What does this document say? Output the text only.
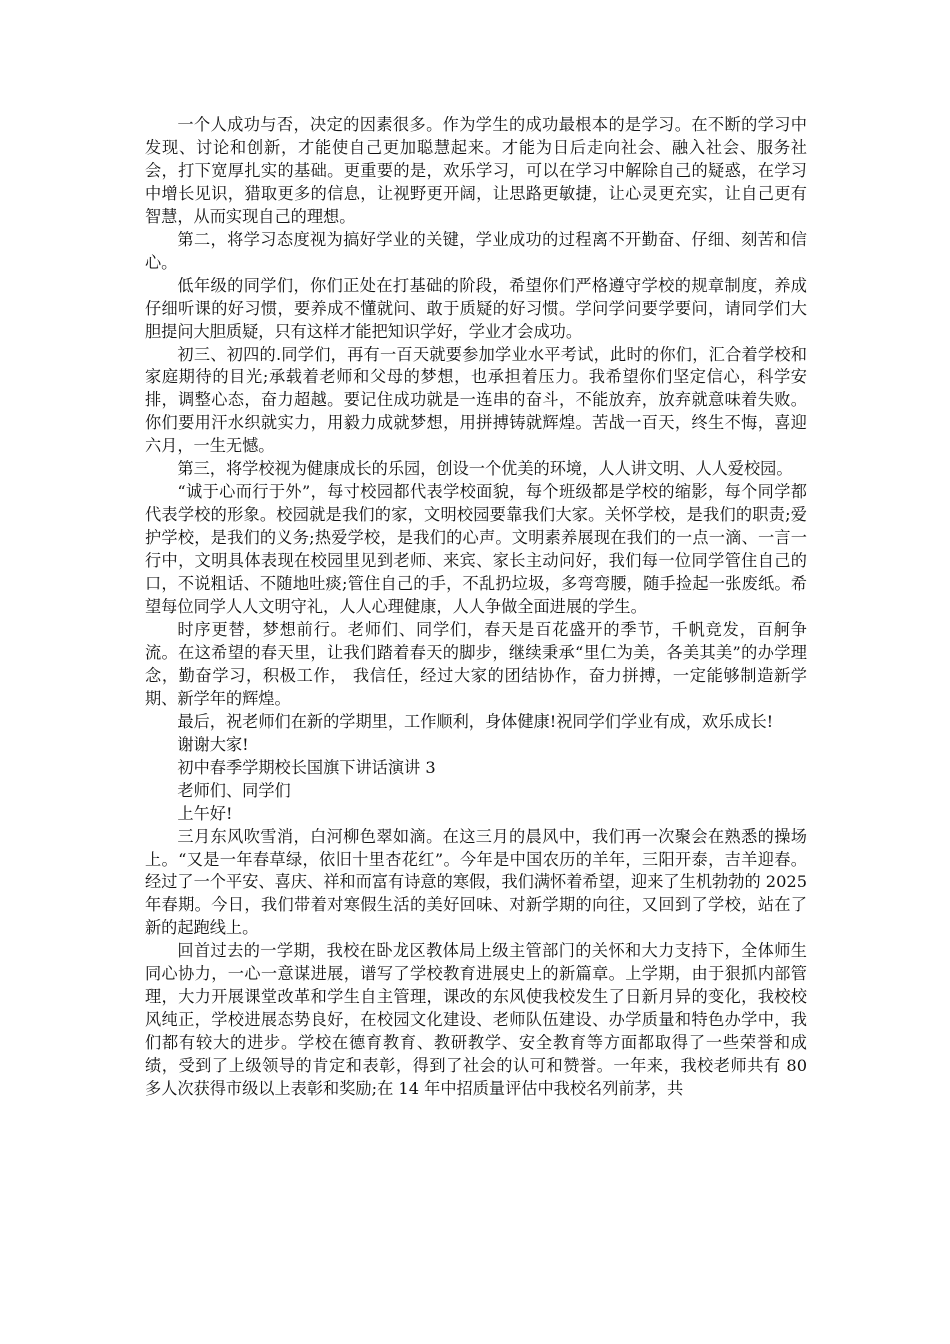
一个人成功与否，决定的因素很多。作为学生的成功最根本的是学习。在不断的学习中发现、讨论和创新，才能使自己更加聪慧起来。才能为日后走向社会、融入社会、服务社会，打下宽厚扎实的基础。更重要的是，欢乐学习，可以在学习中解除自己的疑惑，在学习中增长见识，猎取更多的信息，让视野更开阔，让思路更敏捷，让心灵更充实，让自己更有智慧，从而实现自己的理想。

第二，将学习态度视为搞好学业的关键，学业成功的过程离不开勤奋、仔细、刻苦和信心。

低年级的同学们，你们正处在打基础的阶段，希望你们严格遵守学校的规章制度，养成仔细听课的好习惯，要养成不懂就问、敢于质疑的好习惯。学问学问要学要问，请同学们大胆提问大胆质疑，只有这样才能把知识学好，学业才会成功。

初三、初四的.同学们，再有一百天就要参加学业水平考试，此时的你们，汇合着学校和家庭期待的目光;承载着老师和父母的梦想，也承担着压力。我希望你们坚定信心，科学安排，调整心态，奋力超越。要记住成功就是一连串的奋斗，不能放弃，放弃就意味着失败。你们要用汗水织就实力，用毅力成就梦想，用拼搏铸就辉煌。苦战一百天，终生不悔，喜迎六月，一生无憾。

第三，将学校视为健康成长的乐园，创设一个优美的环境，人人讲文明、人人爱校园。

“诚于心而行于外”，每寸校园都代表学校面貌，每个班级都是学校的缩影，每个同学都代表学校的形象。校园就是我们的家，文明校园要靠我们大家。关怀学校，是我们的职责;爱护学校，是我们的义务;热爱学校，是我们的心声。文明素养展现在我们的一点一滴、一言一行中，文明具体表现在校园里见到老师、来宾、家长主动问好，我们每一位同学管住自己的口，不说粗话、不随地吐痰;管住自己的手，不乱扔垃圾，多弯弯腰，随手捡起一张废纸。希望每位同学人人文明守礼，人人心理健康，人人争做全面进展的学生。

时序更替，梦想前行。老师们、同学们，春天是百花盛开的季节，千帆竞发，百舸争流。在这希望的春天里，让我们踏着春天的脚步，继续秉承“里仁为美，各美其美”的办学理念，勤奋学习，积极工作， 我信任，经过大家的团结协作，奋力拼搏，一定能够制造新学期、新学年的辉煌。

最后，祝老师们在新的学期里，工作顺利，身体健康!祝同学们学业有成，欢乐成长!

谢谢大家!

初中春季学期校长国旗下讲话演讲 3

老师们、同学们

上午好!

三月东风吹雪消，白河柳色翠如滴。在这三月的晨风中，我们再一次聚会在熟悉的操场上。“又是一年春草绿，依旧十里杏花红”。今年是中国农历的羊年，三阳开泰，吉羊迎春。经过了一个平安、喜庆、祥和而富有诗意的寒假，我们满怀着希望，迎来了生机勃勃的 2025 年春期。今日，我们带着对寒假生活的美好回味、对新学期的向往，又回到了学校，站在了新的起跑线上。

回首过去的一学期，我校在卧龙区教体局上级主管部门的关怀和大力支持下，全体师生同心协力，一心一意谋进展，谱写了学校教育进展史上的新篇章。上学期，由于狠抓内部管理，大力开展课堂改革和学生自主管理，课改的东风使我校发生了日新月异的变化，我校校风纯正，学校进展态势良好，在校园文化建设、老师队伍建设、办学质量和特色办学中，我们都有较大的进步。学校在德育教育、教研教学、安全教育等方面都取得了一些荣誉和成绩，受到了上级领导的肯定和表彰，得到了社会的认可和赞誉。一年来，我校老师共有 80 多人次获得市级以上表彰和奖励;在 14 年中招质量评估中我校名列前茅，共
